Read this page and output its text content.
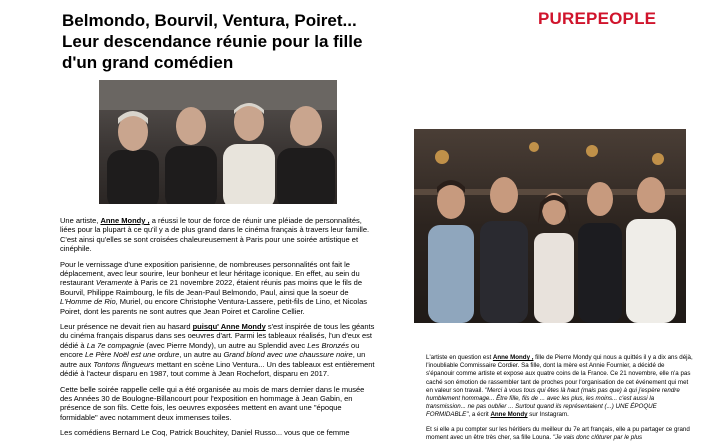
Belmondo, Bourvil, Ventura, Poiret... Leur descendance réunie pour la fille d'un grand comédien
PUREPEOPLE

Une artiste, Anne Mondy , a réussi le tour de force de réunir une pléiade de personnalités, liées pour la plupart à ce qu'il y a de plus grand dans le cinéma français à travers leur famille. C'est ainsi qu'elles se sont croisées chaleureusement à Paris pour une soirée artistique et cinéphile.

Pour le vernissage d'une exposition parisienne, de nombreuses personnalités ont fait le déplacement, avec leur sourire, leur bonheur et leur héritage iconique. En effet, au sein du restaurant Veramente à Paris ce 21 novembre 2022, étaient réunis pas moins que le fils de Bourvil, Philippe Raimbourg, le fils de Jean-Paul Belmondo, Paul, ainsi que la soeur de L'Homme de Rio, Muriel, ou encore Christophe Ventura-Lassere, petit-fils de Lino, et Nicolas Poiret, dont les parents ne sont autres que Jean Poiret et Caroline Cellier.

Leur présence ne devait rien au hasard puisqu' Anne Mondy s'est inspirée de tous les géants du cinéma français disparus dans ses oeuvres d'art. Parmi les tableaux réalisés, l'un d'eux est dédié à La 7e compagnie (avec Pierre Mondy), un autre au Splendid avec Les Bronzés ou encore Le Père Noël est une ordure, un autre au Grand blond avec une chaussure noire, un autre aux Tontons flingueurs mettant en scène Lino Ventura... Un des tableaux est entièrement dédié à l'acteur disparu en 1987, tout comme à Jean Rochefort, disparu en 2017.

Cette belle soirée rappelle celle qui a été organisée au mois de mars dernier dans le musée des Années 30 de Boulogne-Billancourt pour l'exposition en hommage à Jean Gabin, en présence de son fils. Cette fois, les oeuvres exposées mettent en avant une "époque formidable" avec notamment deux immenses toiles.

Les comédiens Bernard Le Coq, Patrick Bouchitey, Daniel Russo... vous que ce femme

L'artiste en question est Anne Mondy , fille de Pierre Mondy qui nous a quittés il y a dix ans déjà, l'inoubliable Commissaire Cordier. Sa fille, dont la mère est Annie Fournier, a décidé de s'épanouir comme artiste et expose aux quatre coins de la France. Ce 21 novembre, elle n'a pas caché son émotion de rassembler tant de proches pour l'organisation de cet événement qui met en valeur son travail. "Merci à vous tous qui êtes là haut (mais pas que) à qui j'espère rendre humblement hommage... Être fille, fils de ... avec les plus, les moins... c'est aussi la transmission... ne pas oublier ... Surtout quand ils représentaient (...) UNE ÉPOQUE FORMIDABLE", a écrit Anne Mondy sur Instagram.

Et si elle a pu compter sur les héritiers du meilleur du 7e art français, elle a pu partager ce grand moment avec un être très cher, sa fille Louna. "Je vais donc clôturer par le plus
